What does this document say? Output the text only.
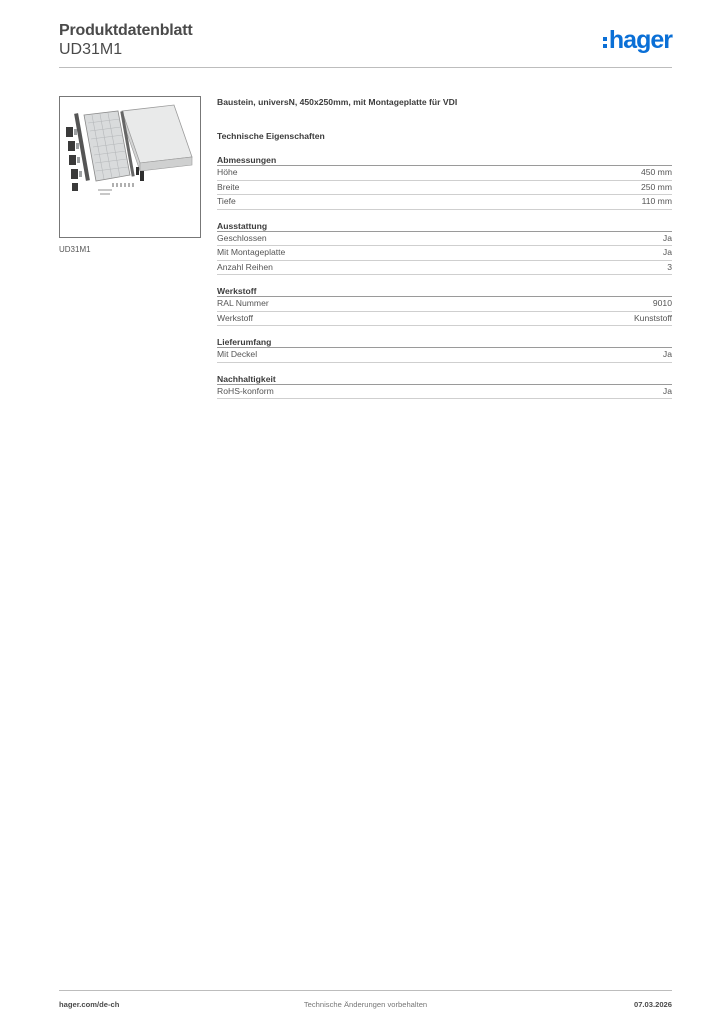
Produktdatenblatt
UD31M1	hager
UD31M1
Baustein, universN, 450x250mm, mit Montageplatte für VDI
Technische Eigenschaften
Abmessungen
Höhe	450 mm
Breite	250 mm
Tiefe	110 mm
Ausstattung
Geschlossen	Ja
Mit Montageplatte	Ja
Anzahl Reihen	3
Werkstoff
RAL Nummer	9010
Werkstoff	Kunststoff
Lieferumfang
Mit Deckel	Ja
Nachhaltigkeit
RoHS-konform	Ja
hager.com/de-ch	Technische Änderungen vorbehalten	07.03.2026
